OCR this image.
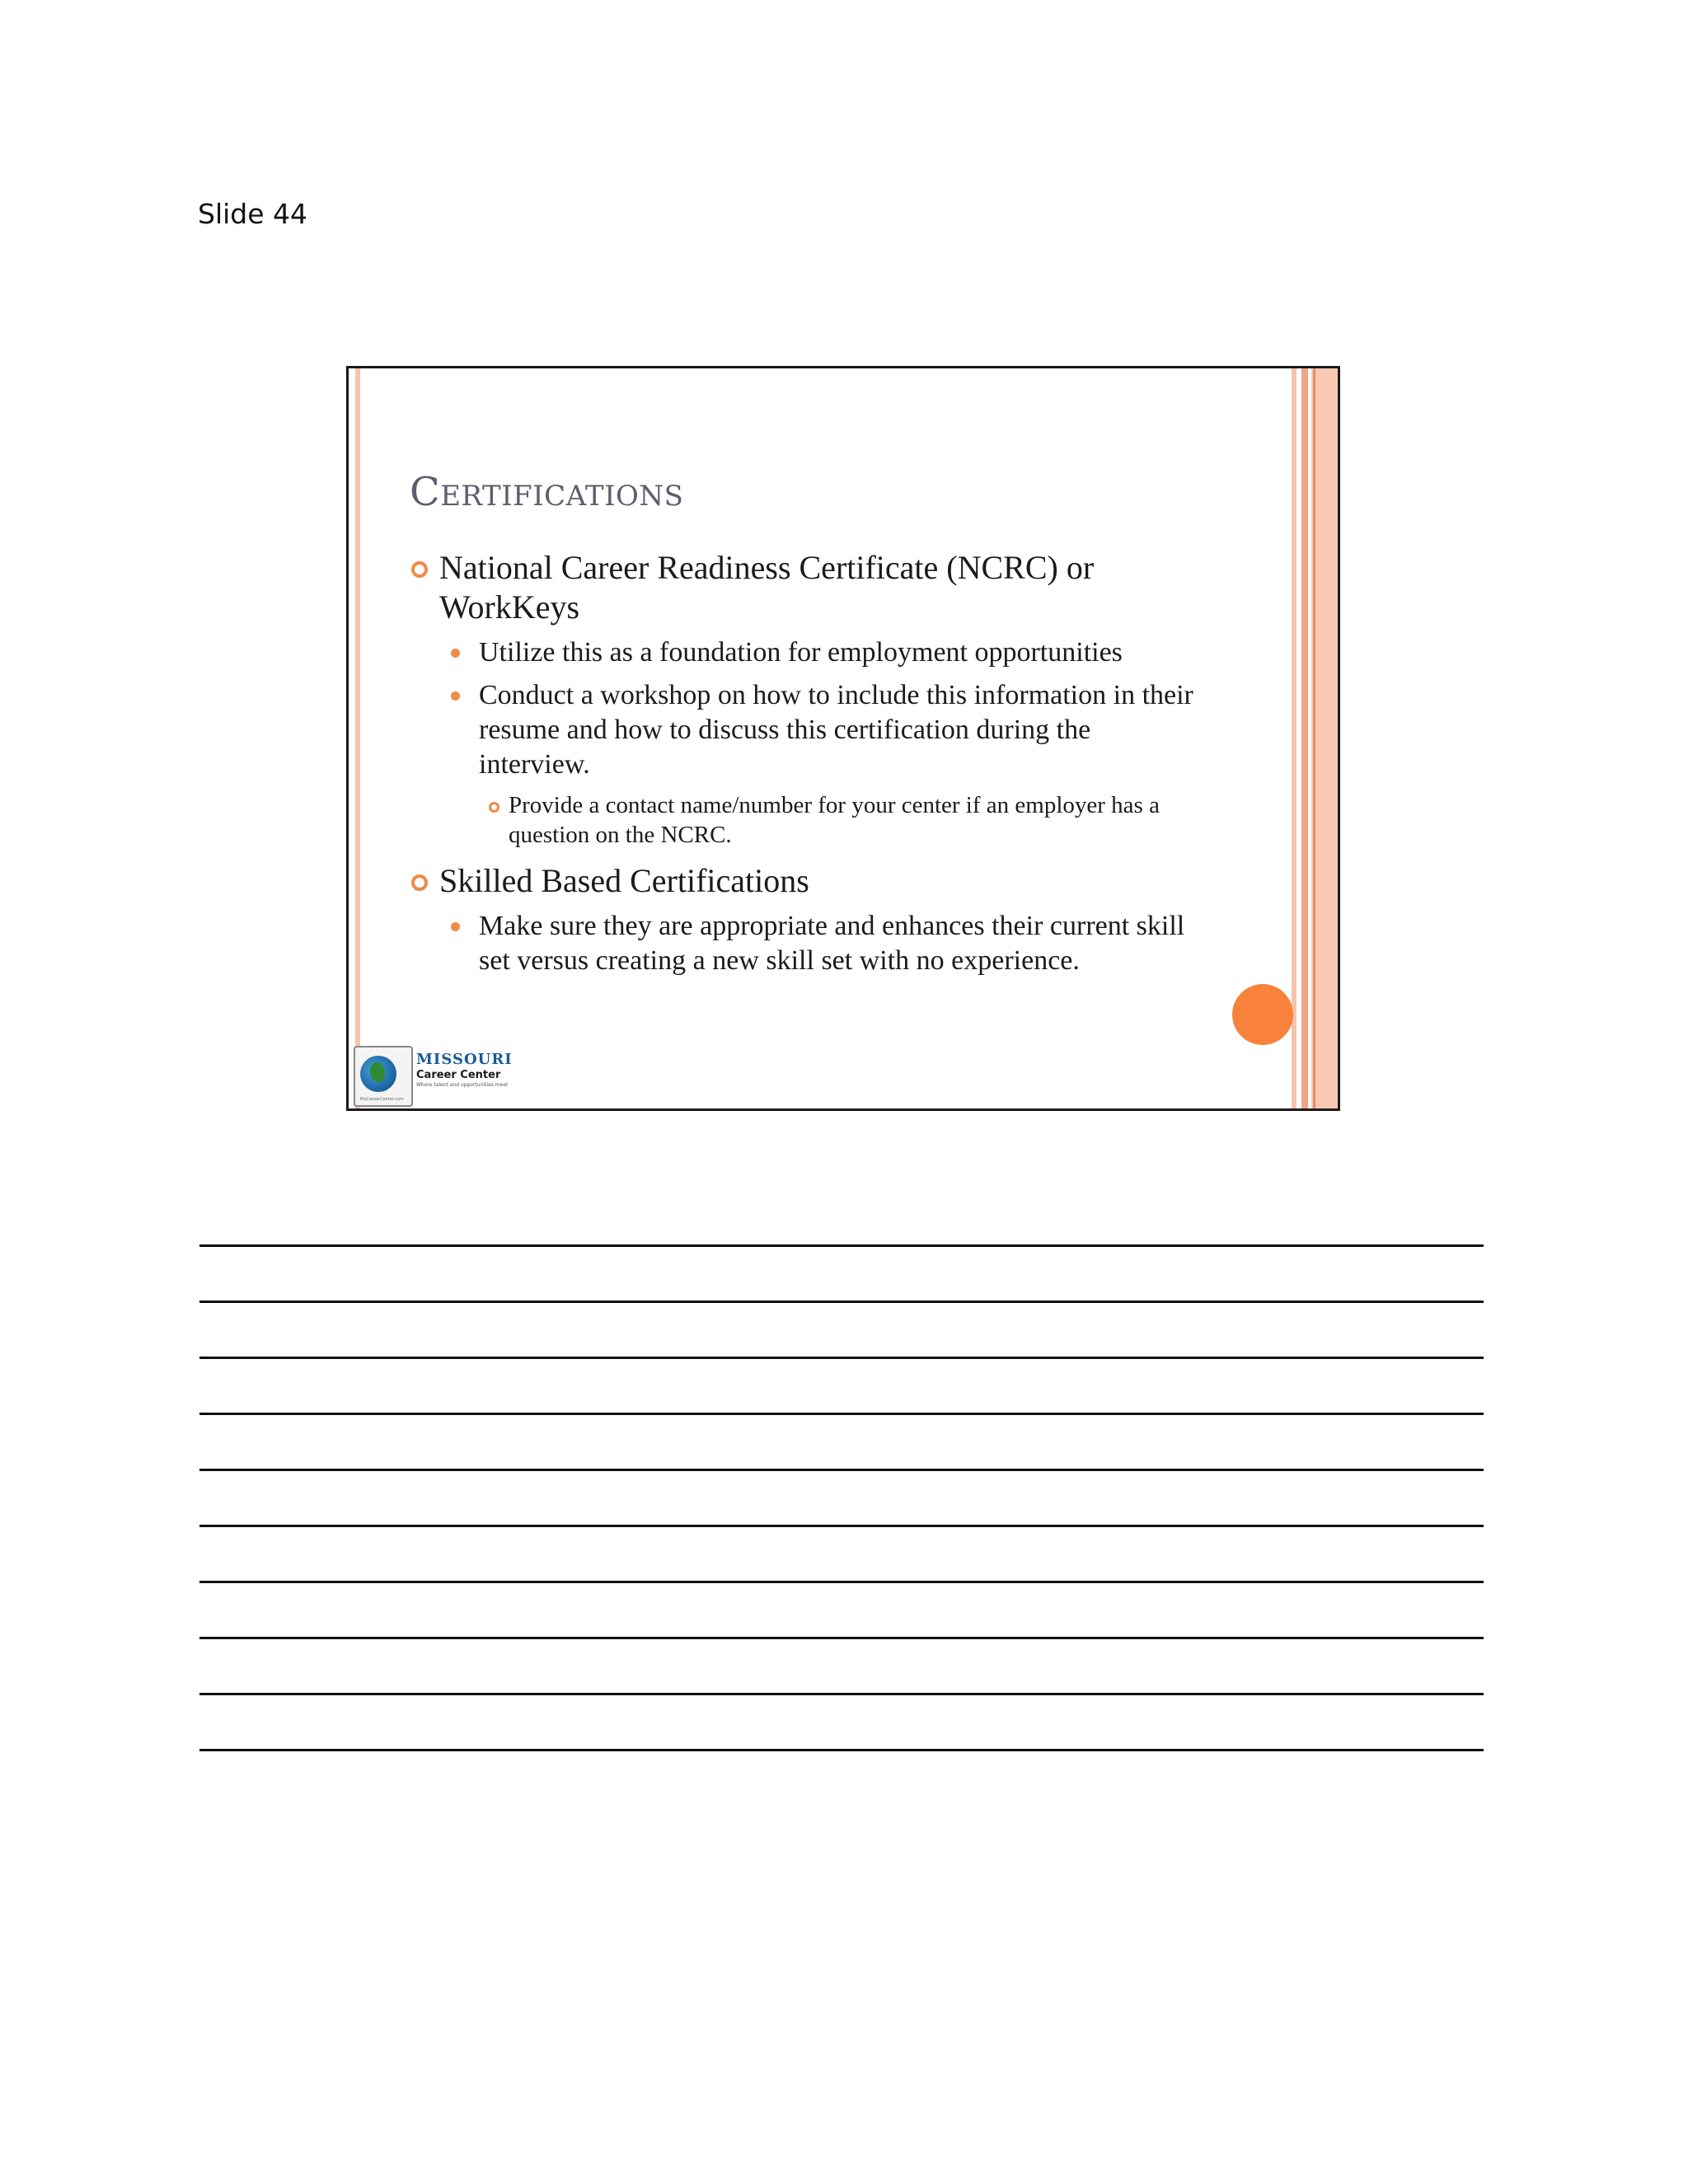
Slide 44
Certifications
National Career Readiness Certificate (NCRC) or WorkKeys
Utilize this as a foundation for employment opportunities
Conduct a workshop on how to include this information in their resume and how to discuss this certification during the interview.
Provide a contact name/number for your center if an employer has a question on the NCRC.
Skilled Based Certifications
Make sure they are appropriate and enhances their current skill set versus creating a new skill set with no experience.
MISSOURI
Career Center
Where talent and opportunities meet
MoCareerCenter.com
